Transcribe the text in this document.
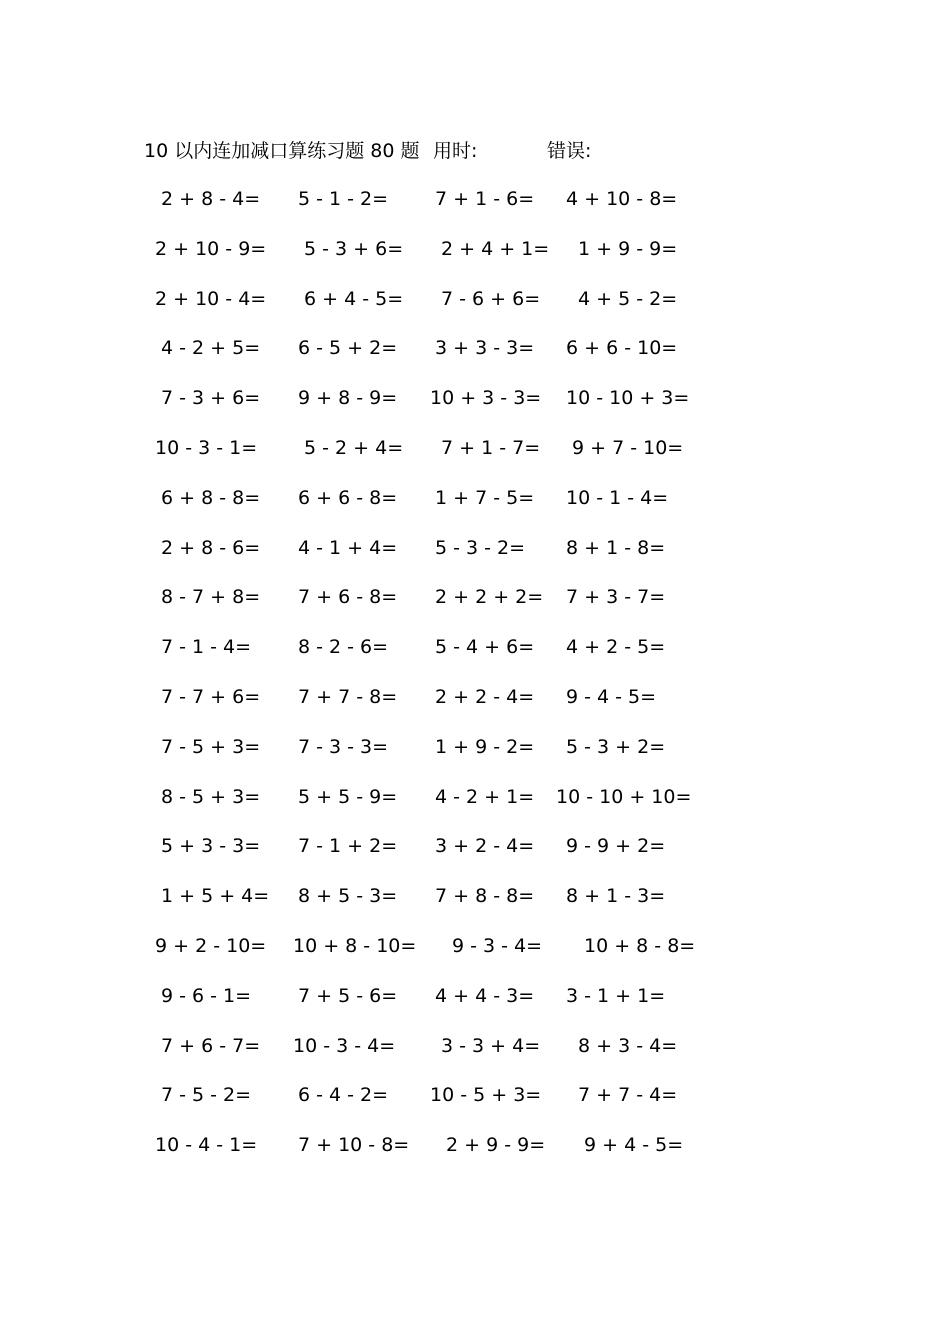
10 以内连加减口算练习题 80 题 用时:	错误:
2 + 8 - 4= 5 - 1 - 2= 7 + 1 - 6= 4 + 10 - 8=
2 + 10 - 9= 5 - 3 + 6= 2 + 4 + 1= 1 + 9 - 9=
2 + 10 - 4= 6 + 4 - 5= 7 - 6 + 6= 4 + 5 - 2=
4 - 2 + 5= 6 - 5 + 2= 3 + 3 - 3= 6 + 6 - 10=
7 - 3 + 6= 9 + 8 - 9= 10 + 3 - 3= 10 - 10 + 3=
10 - 3 - 1= 5 - 2 + 4= 7 + 1 - 7= 9 + 7 - 10=
6 + 8 - 8= 6 + 6 - 8= 1 + 7 - 5= 10 - 1 - 4=
2 + 8 - 6= 4 - 1 + 4= 5 - 3 - 2= 8 + 1 - 8=
8 - 7 + 8= 7 + 6 - 8= 2 + 2 + 2= 7 + 3 - 7=
7 - 1 - 4= 8 - 2 - 6= 5 - 4 + 6= 4 + 2 - 5=
7 - 7 + 6= 7 + 7 - 8= 2 + 2 - 4= 9 - 4 - 5=
7 - 5 + 3= 7 - 3 - 3= 1 + 9 - 2= 5 - 3 + 2=
8 - 5 + 3= 5 + 5 - 9= 4 - 2 + 1= 10 - 10 + 10=
5 + 3 - 3= 7 - 1 + 2= 3 + 2 - 4= 9 - 9 + 2=
1 + 5 + 4= 8 + 5 - 3= 7 + 8 - 8= 8 + 1 - 3=
9 + 2 - 10= 10 + 8 - 10= 9 - 3 - 4= 10 + 8 - 8=
9 - 6 - 1= 7 + 5 - 6= 4 + 4 - 3= 3 - 1 + 1=
7 + 6 - 7= 10 - 3 - 4= 3 - 3 + 4= 8 + 3 - 4=
7 - 5 - 2= 6 - 4 - 2= 10 - 5 + 3= 7 + 7 - 4=
10 - 4 - 1= 7 + 10 - 8= 2 + 9 - 9= 9 + 4 - 5=
